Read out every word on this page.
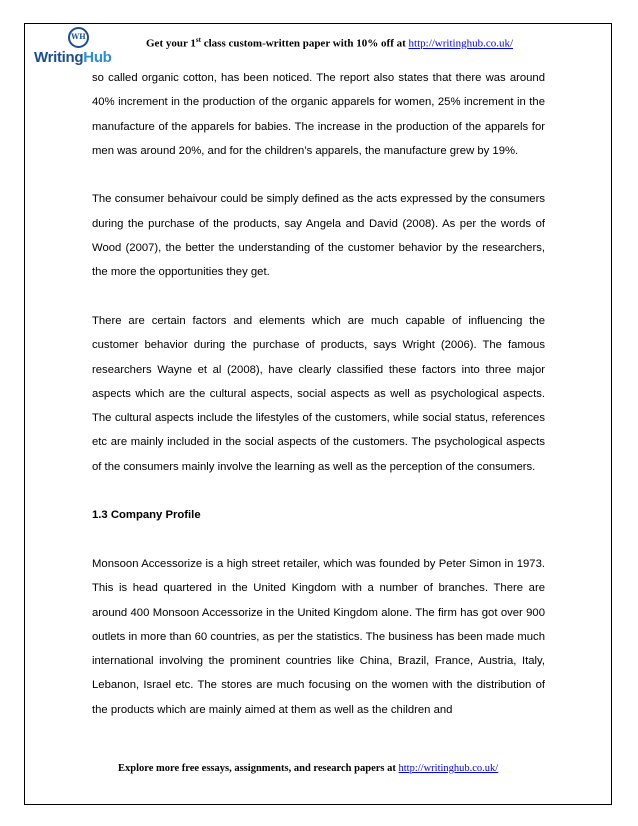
WH
WritingHub
Get your 1st class custom-written paper with 10% off at http://writinghub.co.uk/

so called organic cotton, has been noticed. The report also states that there was around 40% increment in the production of the organic apparels for women, 25% increment in the manufacture of the apparels for babies. The increase in the production of the apparels for men was around 20%, and for the children’s apparels, the manufacture grew by 19%.

The consumer behaivour could be simply defined as the acts expressed by the consumers during the purchase of the products, say Angela and David (2008). As per the words of Wood (2007), the better the understanding of the customer behavior by the researchers, the more the opportunities they get.

There are certain factors and elements which are much capable of influencing the customer behavior during the purchase of products, says Wright (2006). The famous researchers Wayne et al (2008), have clearly classified these factors into three major aspects which are the cultural aspects, social aspects as well as psychological aspects. The cultural aspects include the lifestyles of the customers, while social status, references etc are mainly included in the social aspects of the customers. The psychological aspects of the consumers mainly involve the learning as well as the perception of the consumers.

1.3 Company Profile

Monsoon Accessorize is a high street retailer, which was founded by Peter Simon in 1973. This is head quartered in the United Kingdom with a number of branches. There are around 400 Monsoon Accessorize in the United Kingdom alone. The firm has got over 900 outlets in more than 60 countries, as per the statistics. The business has been made much international involving the prominent countries like China, Brazil, France, Austria, Italy, Lebanon, Israel etc. The stores are much focusing on the women with the distribution of the products which are mainly aimed at them as well as the children and

Explore more free essays, assignments, and research papers at http://writinghub.co.uk/
